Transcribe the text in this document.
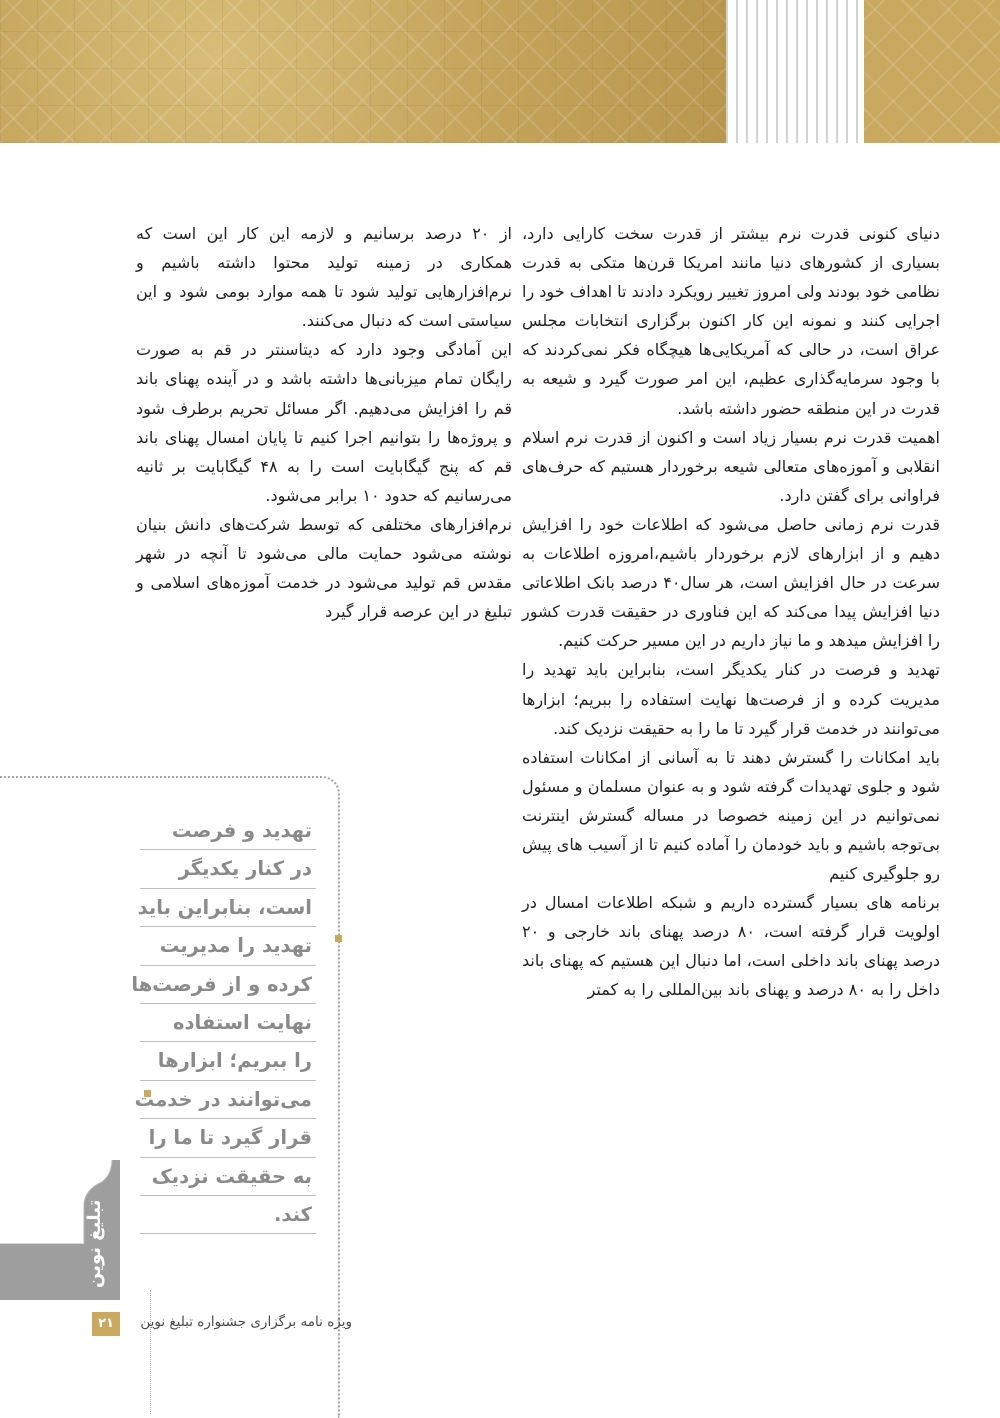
دنیای کنونی قدرت نرم بیشتر از قدرت سخت کارایی دارد، بسیاری از کشورهای دنیا مانند امریکا قرن‌ها متکی به قدرت نظامی خود بودند ولی امروز تغییر رویکرد دادند تا اهداف خود را اجرایی کنند و نمونه این کار اکنون برگزاری انتخابات مجلس عراق است، در حالی که آمریکایی‌ها هیچگاه فکر نمی‌کردند که با وجود سرمایه‌گذاری عظیم، این امر صورت گیرد و شیعه به قدرت در این منطقه حضور داشته باشد.

اهمیت قدرت نرم بسیار زیاد است و اکنون از قدرت نرم اسلام انقلابی و آموزه‌های متعالی شیعه برخوردار هستیم که حرف‌های فراوانی برای گفتن دارد.

قدرت نرم زمانی حاصل می‌شود که اطلاعات خود را افزایش دهیم و از ابزارهای لازم برخوردار باشیم،امروزه اطلاعات به سرعت در حال افزایش است، هر سال۴۰ درصد بانک اطلاعاتی دنیا افزایش پیدا می‌کند که این فناوری در حقیقت قدرت کشور را افزایش میدهد و ما نیاز داریم در این مسیر حرکت کنیم.

تهدید و فرصت در کنار یکدیگر است، بنابراین باید تهدید را مدیریت کرده و از فرصت‌ها نهایت استفاده را ببریم؛ ابزارها می‌توانند در خدمت قرار گیرد تا ما را به حقیقت نزدیک کند.

باید امکانات را گسترش دهند تا به آسانی از امکانات استفاده شود و جلوی تهدیدات گرفته شود و به عنوان مسلمان و مسئول نمی‌توانیم در این زمینه خصوصا در مساله گسترش اینترنت بی‌توجه باشیم و باید خودمان را آماده کنیم تا از آسیب های پیش رو جلوگیری کنیم

برنامه های بسیار گسترده داریم و شبکه اطلاعات امسال در اولویت قرار گرفته است، ۸۰ درصد پهنای باند خارجی و ۲۰ درصد پهنای باند داخلی است، اما دنبال این هستیم که پهنای باند داخل را به ۸۰ درصد و پهنای باند بین‌المللی را به کمتر

از ۲۰ درصد برسانیم و لازمه این کار این است که همکاری در زمینه تولید محتوا داشته باشیم و نرم‌افزارهایی تولید شود تا همه موارد بومی شود و این سیاستی است که دنبال می‌کنند.

این آمادگی وجود دارد که دیتاسنتر در قم به صورت رایگان تمام میزبانی‌ها داشته باشد و در آینده پهنای باند قم را افزایش می‌دهیم. اگر مسائل تحریم برطرف شود و پروژه‌ها را بتوانیم اجرا کنیم تا پایان امسال پهنای باند قم که پنج گیگابایت است را به ۴۸ گیگابایت بر ثانیه می‌رسانیم که حدود ۱۰ برابر می‌شود.

نرم‌افزارهای مختلفی که توسط شرکت‌های دانش بنیان نوشته می‌شود حمایت مالی می‌شود تا آنچه در شهر مقدس قم تولید می‌شود در خدمت آموزه‌های اسلامی و تبلیغ در این عرصه قرار گیرد

تهدید و فرصت
در کنار یکدیگر
است، بنابراین باید
تهدید را مدیریت
کرده و از فرصت‌ها
نهایت استفاده
را ببریم؛ ابزارها
می‌توانند در خدمت
قرار گیرد تا ما را
به حقیقت نزدیک
کند.
تبلیغ نوین
ویژه نامه برگزاری جشنواره تبلیغ نوین
۲۱
